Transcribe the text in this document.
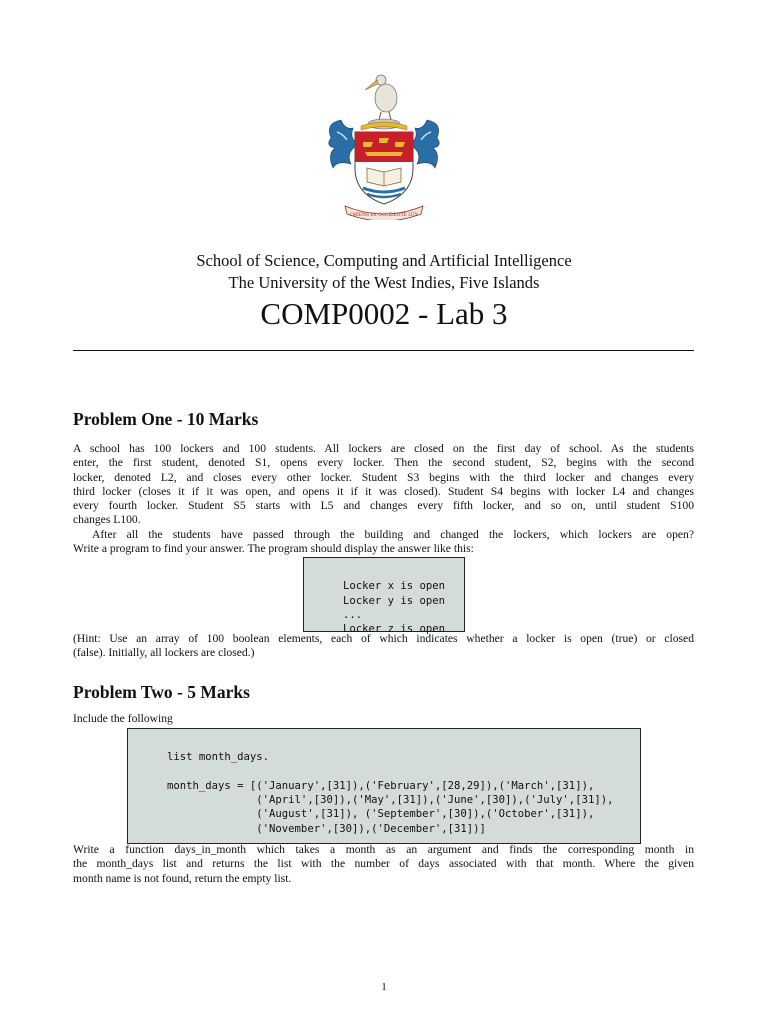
ORIENS EX OCCIDENTE LUX
School of Science, Computing and Artificial Intelligence
The University of the West Indies, Five Islands
COMP0002 - Lab 3
Problem One - 10 Marks
A school has 100 lockers and 100 students. All lockers are closed on the first day of school. As the students
enter, the first student, denoted S1, opens every locker. Then the second student, S2, begins with the second
locker, denoted L2, and closes every other locker. Student S3 begins with the third locker and changes every
third locker (closes it if it was open, and opens it if it was closed). Student S4 begins with locker L4 and changes
every fourth locker. Student S5 starts with L5 and changes every fifth locker, and so on, until student S100
changes L100.
After all the students have passed through the building and changed the lockers, which lockers are open?
Write a program to find your answer. The program should display the answer like this:

Locker x is open
Locker y is open
...
Locker z is open
(Hint: Use an array of 100 boolean elements, each of which indicates whether a locker is open (true) or closed
(false). Initially, all lockers are closed.)
Problem Two - 5 Marks
Include the following

list month_days.
month_days = [('January',[31]),('February',[28,29]),('March',[31]),
('April',[30]),('May',[31]),('June',[30]),('July',[31]),
('August',[31]), ('September',[30]),('October',[31]),
('November',[30]),('December',[31])]
Write a function days_in_month which takes a month as an argument and finds the corresponding month in
the month_days list and returns the list with the number of days associated with that month. Where the given
month name is not found, return the empty list.
1
